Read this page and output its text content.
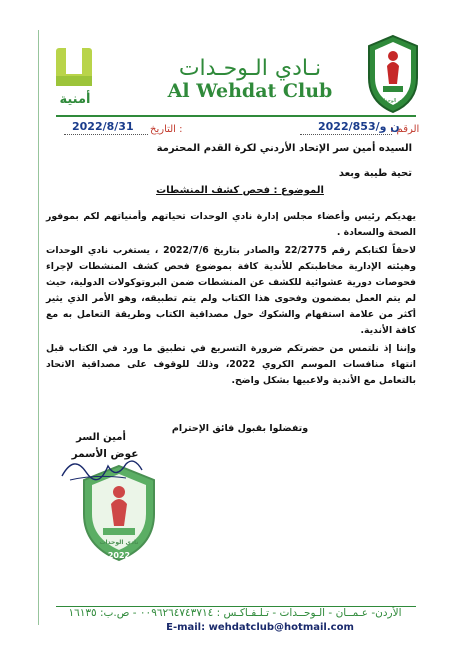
أمنية
نـادي الـوحـدات
Al Wehdat Club	نادي الوحدات
الرقم :
ن و/2022/853
: التاريخ
2022/8/31
السيده أمين سر الإتحاد الأردني لكرة القدم المحترمة
تحية طيبة وبعد
الموضوع : فحص كشف المنشطات
يهديكم رئيس وأعضاء مجلس إدارة نادي الوحدات تحياتهم وأمنياتهم لكم بموفور الصحة والسعادة .
لاحقاً لكتابكم رقم 22/2775 والصادر بتاريخ 2022/7/6 ، يستغرب نادي الوحدات وهيئته الإدارية مخاطبتكم للأندية كافة بموضوع فحص كشف المنشطات لإجراء فحوصات دورية عشوائية للكشف عن المنشطات ضمن البروتوكولات الدولية، حيث لم يتم العمل بمضمون وفحوى هذا الكتاب ولم يتم تطبيقه، وهو الأمر الذي يثير أكثر من علامة استفهام والشكوك حول مصداقية الكتاب وطريقة التعامل به مع كافة الأندية.
وإننا إذ نلتمس من حضرتكم ضرورة التسريع في تطبيق ما ورد في الكتاب قبل انتهاء منافسات الموسم الكروي 2022، وذلك للوقوف على مصداقية الاتحاد بالتعامل مع الأندية ولاعبيها بشكل واضح.
وتفضلوا بقبول فائق الإحترام
نادي الوحدات
2022
أمين السر
عوض الأسمر
الأردن- عـمــان - الـوحــدات - تـلـفـاكـس : ٠٠٩٦٢٦٤٧٤٣٧١٤ - ص.ب: ١٦١٣٥
E-mail: wehdatclub@hotmail.com
